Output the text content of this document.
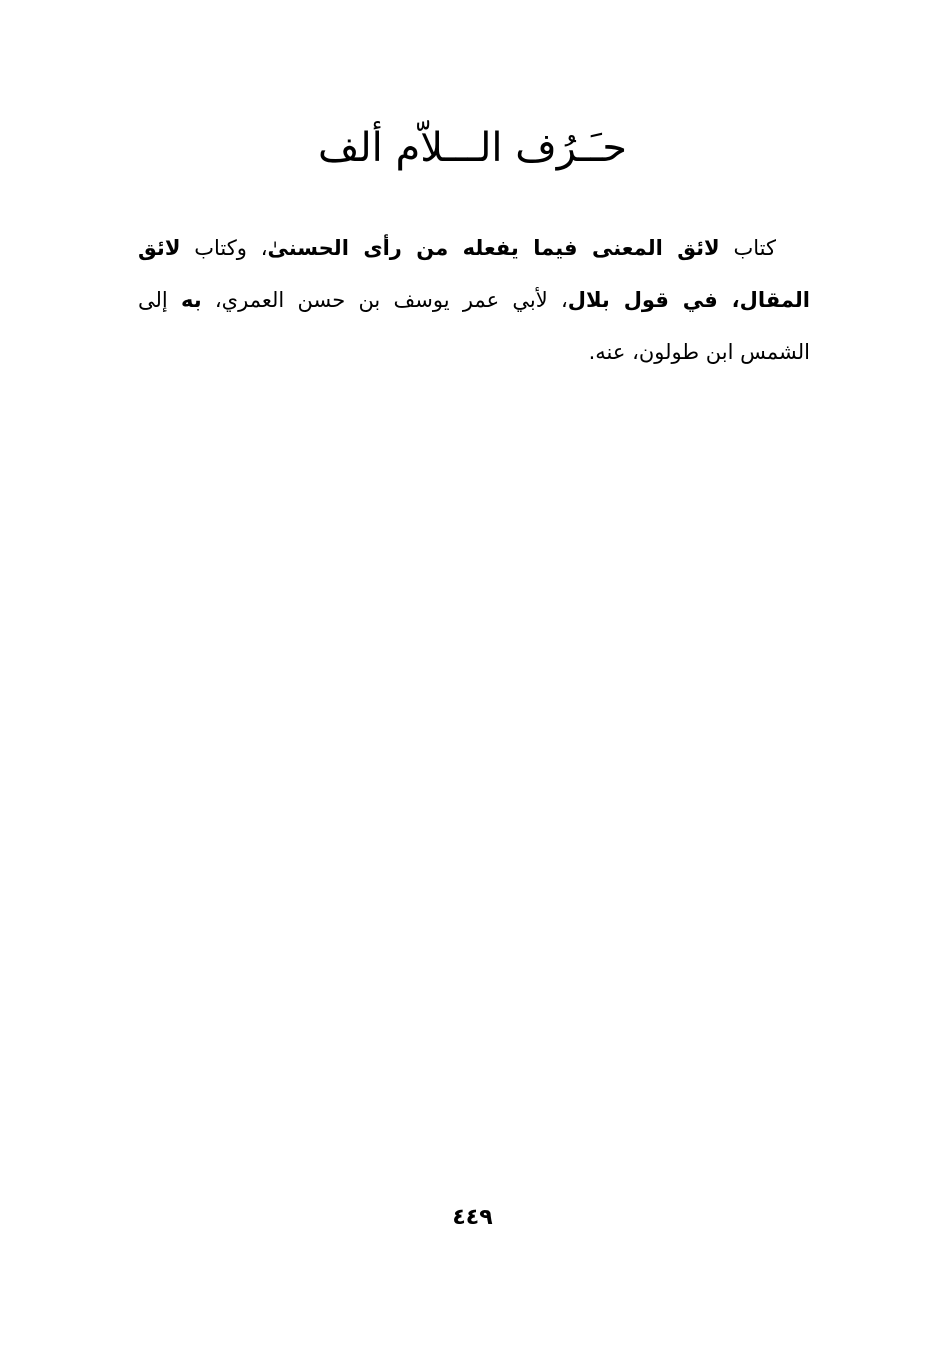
حـَـرُف الـــلاّم ألف
كتاب لائق المعنى فيما يفعله من رأى الحسنىٰ، وكتاب لائق المقال، في قول بلال، لأبي عمر يوسف بن حسن العمري، به إلى الشمس ابن طولون، عنه.
٤٤٩
